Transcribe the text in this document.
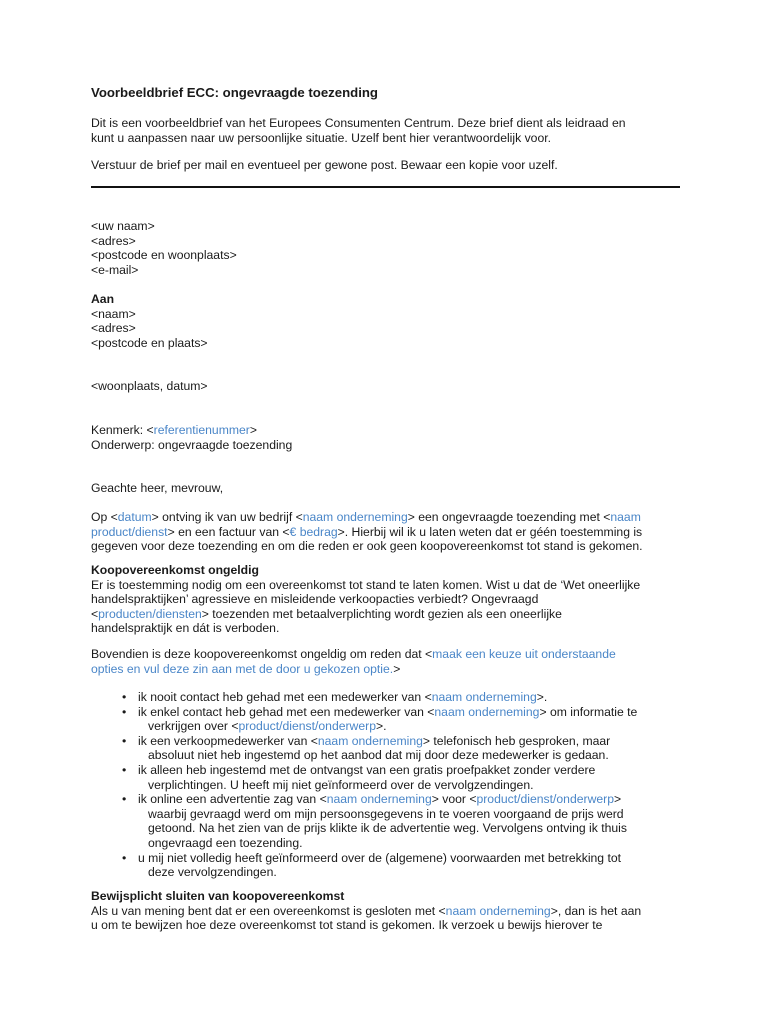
Voorbeeldbrief ECC: ongevraagde toezending
Dit is een voorbeeldbrief van het Europees Consumenten Centrum. Deze brief dient als leidraad en
kunt u aanpassen naar uw persoonlijke situatie. Uzelf bent hier verantwoordelijk voor.
Verstuur de brief per mail en eventueel per gewone post. Bewaar een kopie voor uzelf.
<uw naam>
<adres>
<postcode en woonplaats>
<e-mail>
Aan
<naam>
<adres>
<postcode en plaats>
<woonplaats, datum>
Kenmerk: <referentienummer>
Onderwerp: ongevraagde toezending
Geachte heer, mevrouw,
Op <datum> ontving ik van uw bedrijf <naam onderneming> een ongevraagde toezending met <naam
product/dienst> en een factuur van <€ bedrag>. Hierbij wil ik u laten weten dat er géén toestemming is
gegeven voor deze toezending en om die reden er ook geen koopovereenkomst tot stand is gekomen.
Koopovereenkomst ongeldig
Er is toestemming nodig om een overeenkomst tot stand te laten komen. Wist u dat de ‘Wet oneerlijke
handelspraktijken’ agressieve en misleidende verkoopacties verbiedt? Ongevraagd
<producten/diensten> toezenden met betaalverplichting wordt gezien als een oneerlijke
handelspraktijk en dát is verboden.
Bovendien is deze koopovereenkomst ongeldig om reden dat <maak een keuze uit onderstaande
opties en vul deze zin aan met de door u gekozen optie.>
• ik nooit contact heb gehad met een medewerker van <naam onderneming>.
• ik enkel contact heb gehad met een medewerker van <naam onderneming> om informatie te
verkrijgen over <product/dienst/onderwerp>.
• ik een verkoopmedewerker van <naam onderneming> telefonisch heb gesproken, maar
absoluut niet heb ingestemd op het aanbod dat mij door deze medewerker is gedaan.
• ik alleen heb ingestemd met de ontvangst van een gratis proefpakket zonder verdere
verplichtingen. U heeft mij niet geïnformeerd over de vervolgzendingen.
• ik online een advertentie zag van <naam onderneming> voor <product/dienst/onderwerp>
waarbij gevraagd werd om mijn persoonsgegevens in te voeren voorgaand de prijs werd
getoond. Na het zien van de prijs klikte ik de advertentie weg. Vervolgens ontving ik thuis
ongevraagd een toezending.
• u mij niet volledig heeft geïnformeerd over de (algemene) voorwaarden met betrekking tot
deze vervolgzendingen.
Bewijsplicht sluiten van koopovereenkomst
Als u van mening bent dat er een overeenkomst is gesloten met <naam onderneming>, dan is het aan
u om te bewijzen hoe deze overeenkomst tot stand is gekomen. Ik verzoek u bewijs hierover te
